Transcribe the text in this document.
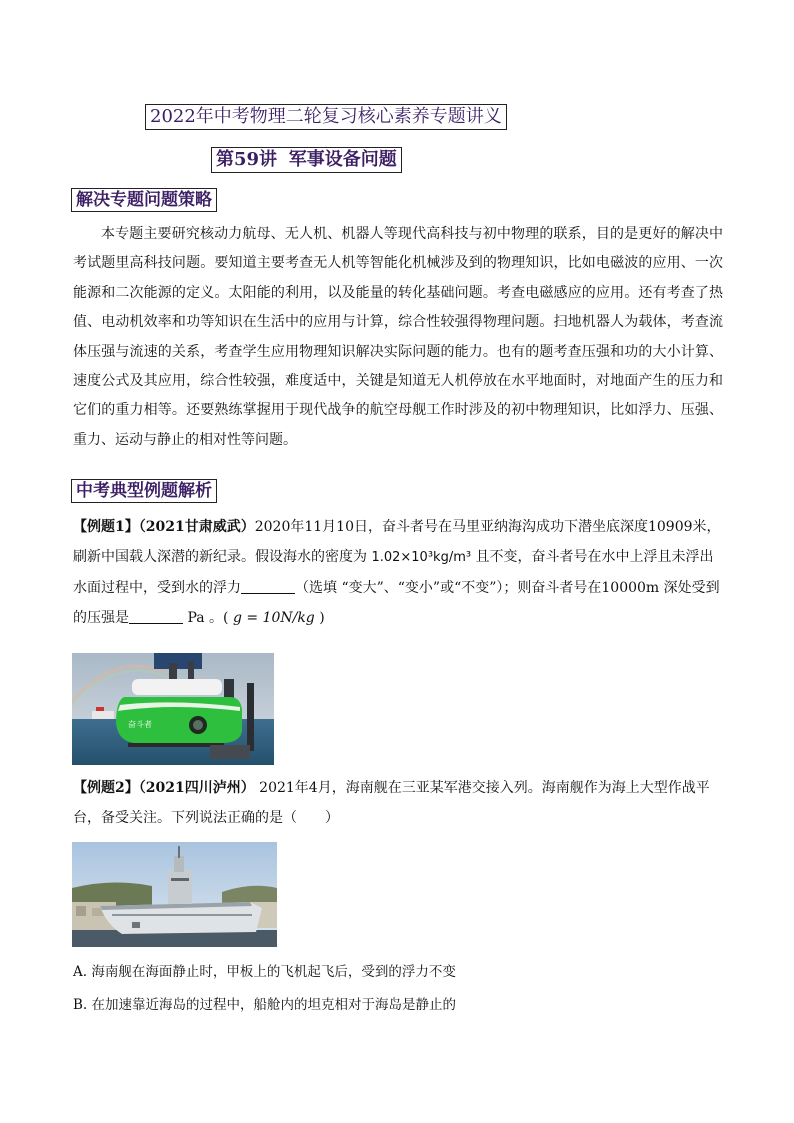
2022年中考物理二轮复习核心素养专题讲义
第59讲 军事设备问题
解决专题问题策略
本专题主要研究核动力航母、无人机、机器人等现代高科技与初中物理的联系，目的是更好的解决中考试题里高科技问题。要知道主要考查无人机等智能化机械涉及到的物理知识，比如电磁波的应用、一次能源和二次能源的定义。太阳能的利用，以及能量的转化基础问题。考查电磁感应的应用。还有考查了热值、电动机效率和功等知识在生活中的应用与计算，综合性较强得物理问题。扫地机器人为载体，考查流体压强与流速的关系，考查学生应用物理知识解决实际问题的能力。也有的题考查压强和功的大小计算、速度公式及其应用，综合性较强，难度适中，关键是知道无人机停放在水平地面时，对地面产生的压力和它们的重力相等。还要熟练掌握用于现代战争的航空母舰工作时涉及的初中物理知识，比如浮力、压强、重力、运动与静止的相对性等问题。
中考典型例题解析
【例题1】（2021甘肃威武）2020年11月10日，奋斗者号在马里亚纳海沟成功下潜坐底深度10909米，刷新中国载人深潜的新纪录。假设海水的密度为 1.02×10³kg/m³ 且不变，奋斗者号在水中上浮且未浮出水面过程中，受到水的浮力	（选填 “变大”、“变小”或“不变”）；则奋斗者号在10000m 深处受到的压强是	Pa 。( g = 10N/kg )
奋斗者
【例题2】（2021四川泸州） 2021年4月，海南舰在三亚某军港交接入列。海南舰作为海上大型作战平台，备受关注。下列说法正确的是（　　）
A. 海南舰在海面静止时，甲板上的飞机起飞后，受到的浮力不变
B. 在加速靠近海岛的过程中，船舱内的坦克相对于海岛是静止的
